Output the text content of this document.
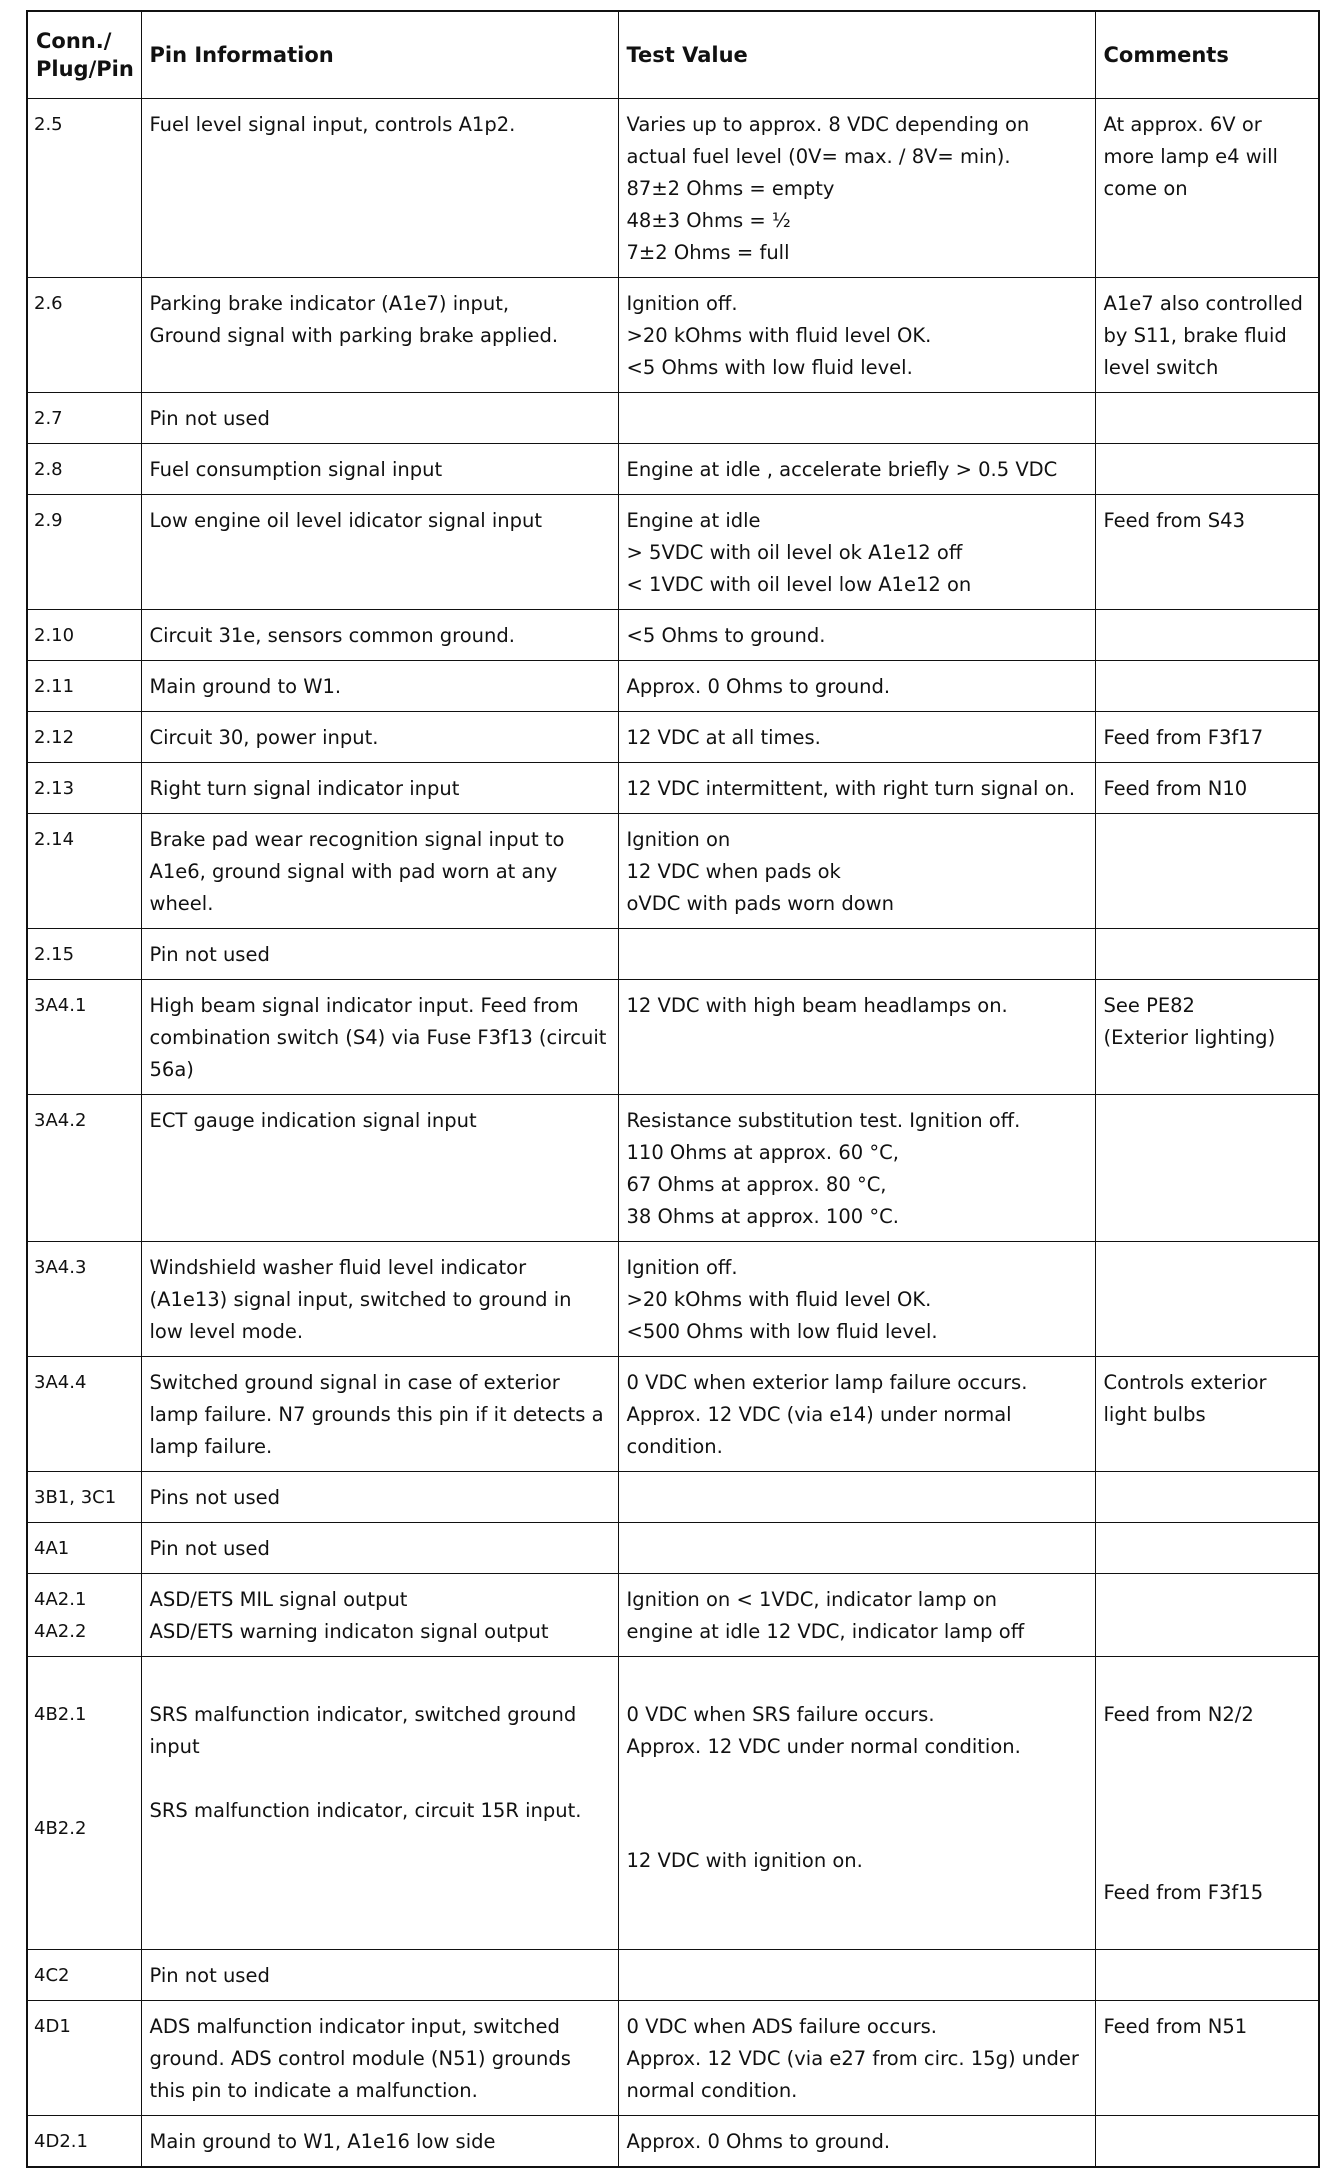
Conn./
Plug/Pin	Pin Information	Test Value	Comments
2.5	Fuel level signal input, controls A1p2.	Varies up to approx. 8 VDC depending on
actual fuel level (0V= max. / 8V= min).
87±2 Ohms = empty
48±3 Ohms = ½
7±2 Ohms = full	At approx. 6V or
more lamp e4 will
come on
2.6	Parking brake indicator (A1e7) input,
Ground signal with parking brake applied.	Ignition off.
>20 kOhms with fluid level OK.
<5 Ohms with low fluid level.	A1e7 also controlled
by S11, brake fluid
level switch
2.7	Pin not used		
2.8	Fuel consumption signal input	Engine at idle , accelerate briefly > 0.5 VDC	
2.9	Low engine oil level idicator signal input	Engine at idle
> 5VDC with oil level ok A1e12 off
< 1VDC with oil level low A1e12 on	Feed from S43
2.10	Circuit 31e, sensors common ground.	<5 Ohms to ground.	
2.11	Main ground to W1.	Approx. 0 Ohms to ground.	
2.12	Circuit 30, power input.	12 VDC at all times.	Feed from F3f17
2.13	Right turn signal indicator input	12 VDC intermittent, with right turn signal on.	Feed from N10
2.14	Brake pad wear recognition signal input to
A1e6, ground signal with pad worn at any
wheel.	Ignition on
12 VDC when pads ok
oVDC with pads worn down	
2.15	Pin not used		
3A4.1	High beam signal indicator input. Feed from
combination switch (S4) via Fuse F3f13 (circuit
56a)	12 VDC with high beam headlamps on.	See PE82
(Exterior lighting)
3A4.2	ECT gauge indication signal input	Resistance substitution test. Ignition off.
110 Ohms at approx. 60 °C,
67 Ohms at approx. 80 °C,
38 Ohms at approx. 100 °C.	
3A4.3	Windshield washer fluid level indicator
(A1e13) signal input, switched to ground in
low level mode.	Ignition off.
>20 kOhms with fluid level OK.
<500 Ohms with low fluid level.	
3A4.4	Switched ground signal in case of exterior
lamp failure. N7 grounds this pin if it detects a
lamp failure.	0 VDC when exterior lamp failure occurs.
Approx. 12 VDC (via e14) under normal
condition.	Controls exterior
light bulbs
3B1, 3C1	Pins not used		
4A1	Pin not used		
4A2.1
4A2.2	ASD/ETS MIL signal output
ASD/ETS warning indicaton signal output	Ignition on < 1VDC, indicator lamp on
engine at idle 12 VDC, indicator lamp off	

4B2.1

4B2.2	SRS malfunction indicator, switched ground
input

SRS malfunction indicator, circuit 15R input.	0 VDC when SRS failure occurs.
Approx. 12 VDC under normal condition.

12 VDC with ignition on.	Feed from N2/2

Feed from F3f15

4C2	Pin not used		
4D1	ADS malfunction indicator input, switched
ground. ADS control module (N51) grounds
this pin to indicate a malfunction.	0 VDC when ADS failure occurs.
Approx. 12 VDC (via e27 from circ. 15g) under
normal condition.	Feed from N51
4D2.1	Main ground to W1, A1e16 low side	Approx. 0 Ohms to ground.	
